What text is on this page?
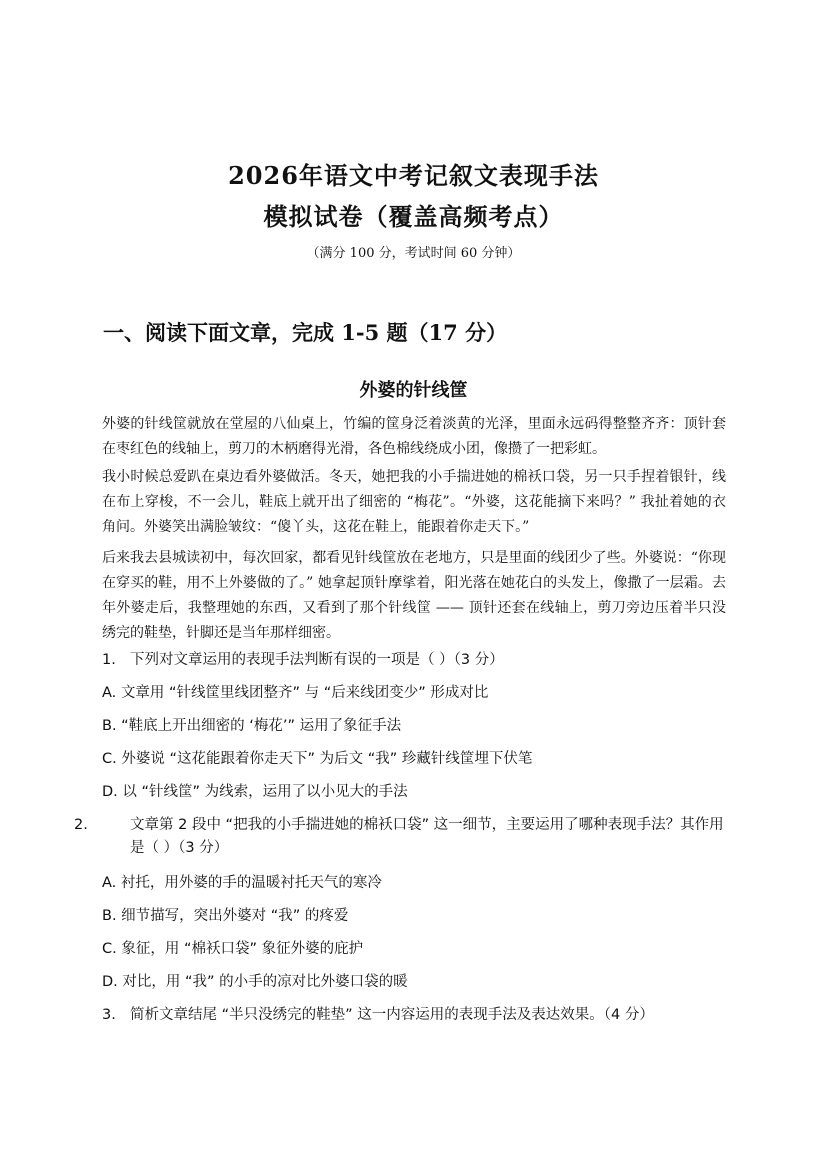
2026年语文中考记叙文表现手法
模拟试卷（覆盖高频考点）
（满分 100 分，考试时间 60 分钟）
一、阅读下面文章，完成 1-5 题（17 分）
外婆的针线筐
外婆的针线筐就放在堂屋的八仙桌上，竹编的筐身泛着淡黄的光泽，里面永远码得整整齐齐：顶针套在枣红色的线轴上，剪刀的木柄磨得光滑，各色棉线绕成小团，像攒了一把彩虹。
我小时候总爱趴在桌边看外婆做活。冬天，她把我的小手揣进她的棉袄口袋，另一只手捏着银针，线在布上穿梭，不一会儿，鞋底上就开出了细密的 “梅花”。“外婆，这花能摘下来吗？” 我扯着她的衣角问。外婆笑出满脸皱纹：“傻丫头，这花在鞋上，能跟着你走天下。”
后来我去县城读初中，每次回家，都看见针线筐放在老地方，只是里面的线团少了些。外婆说：“你现在穿买的鞋，用不上外婆做的了。” 她拿起顶针摩挲着，阳光落在她花白的头发上，像撒了一层霜。去年外婆走后，我整理她的东西，又看到了那个针线筐 —— 顶针还套在线轴上，剪刀旁边压着半只没绣完的鞋垫，针脚还是当年那样细密。
1. 下列对文章运用的表现手法判断有误的一项是（ ）（3 分）
A. 文章用 “针线筐里线团整齐” 与 “后来线团变少” 形成对比
B. “鞋底上开出细密的 ‘梅花’” 运用了象征手法
C. 外婆说 “这花能跟着你走天下” 为后文 “我” 珍藏针线筐埋下伏笔
D. 以 “针线筐” 为线索，运用了以小见大的手法
2.	文章第 2 段中 “把我的小手揣进她的棉袄口袋” 这一细节，主要运用了哪种表现手法？其作用是（ ）（3 分）
A. 衬托，用外婆的手的温暖衬托天气的寒冷
B. 细节描写，突出外婆对 “我” 的疼爱
C. 象征，用 “棉袄口袋” 象征外婆的庇护
D. 对比，用 “我” 的小手的凉对比外婆口袋的暖
3. 简析文章结尾 “半只没绣完的鞋垫” 这一内容运用的表现手法及表达效果。（4 分）
